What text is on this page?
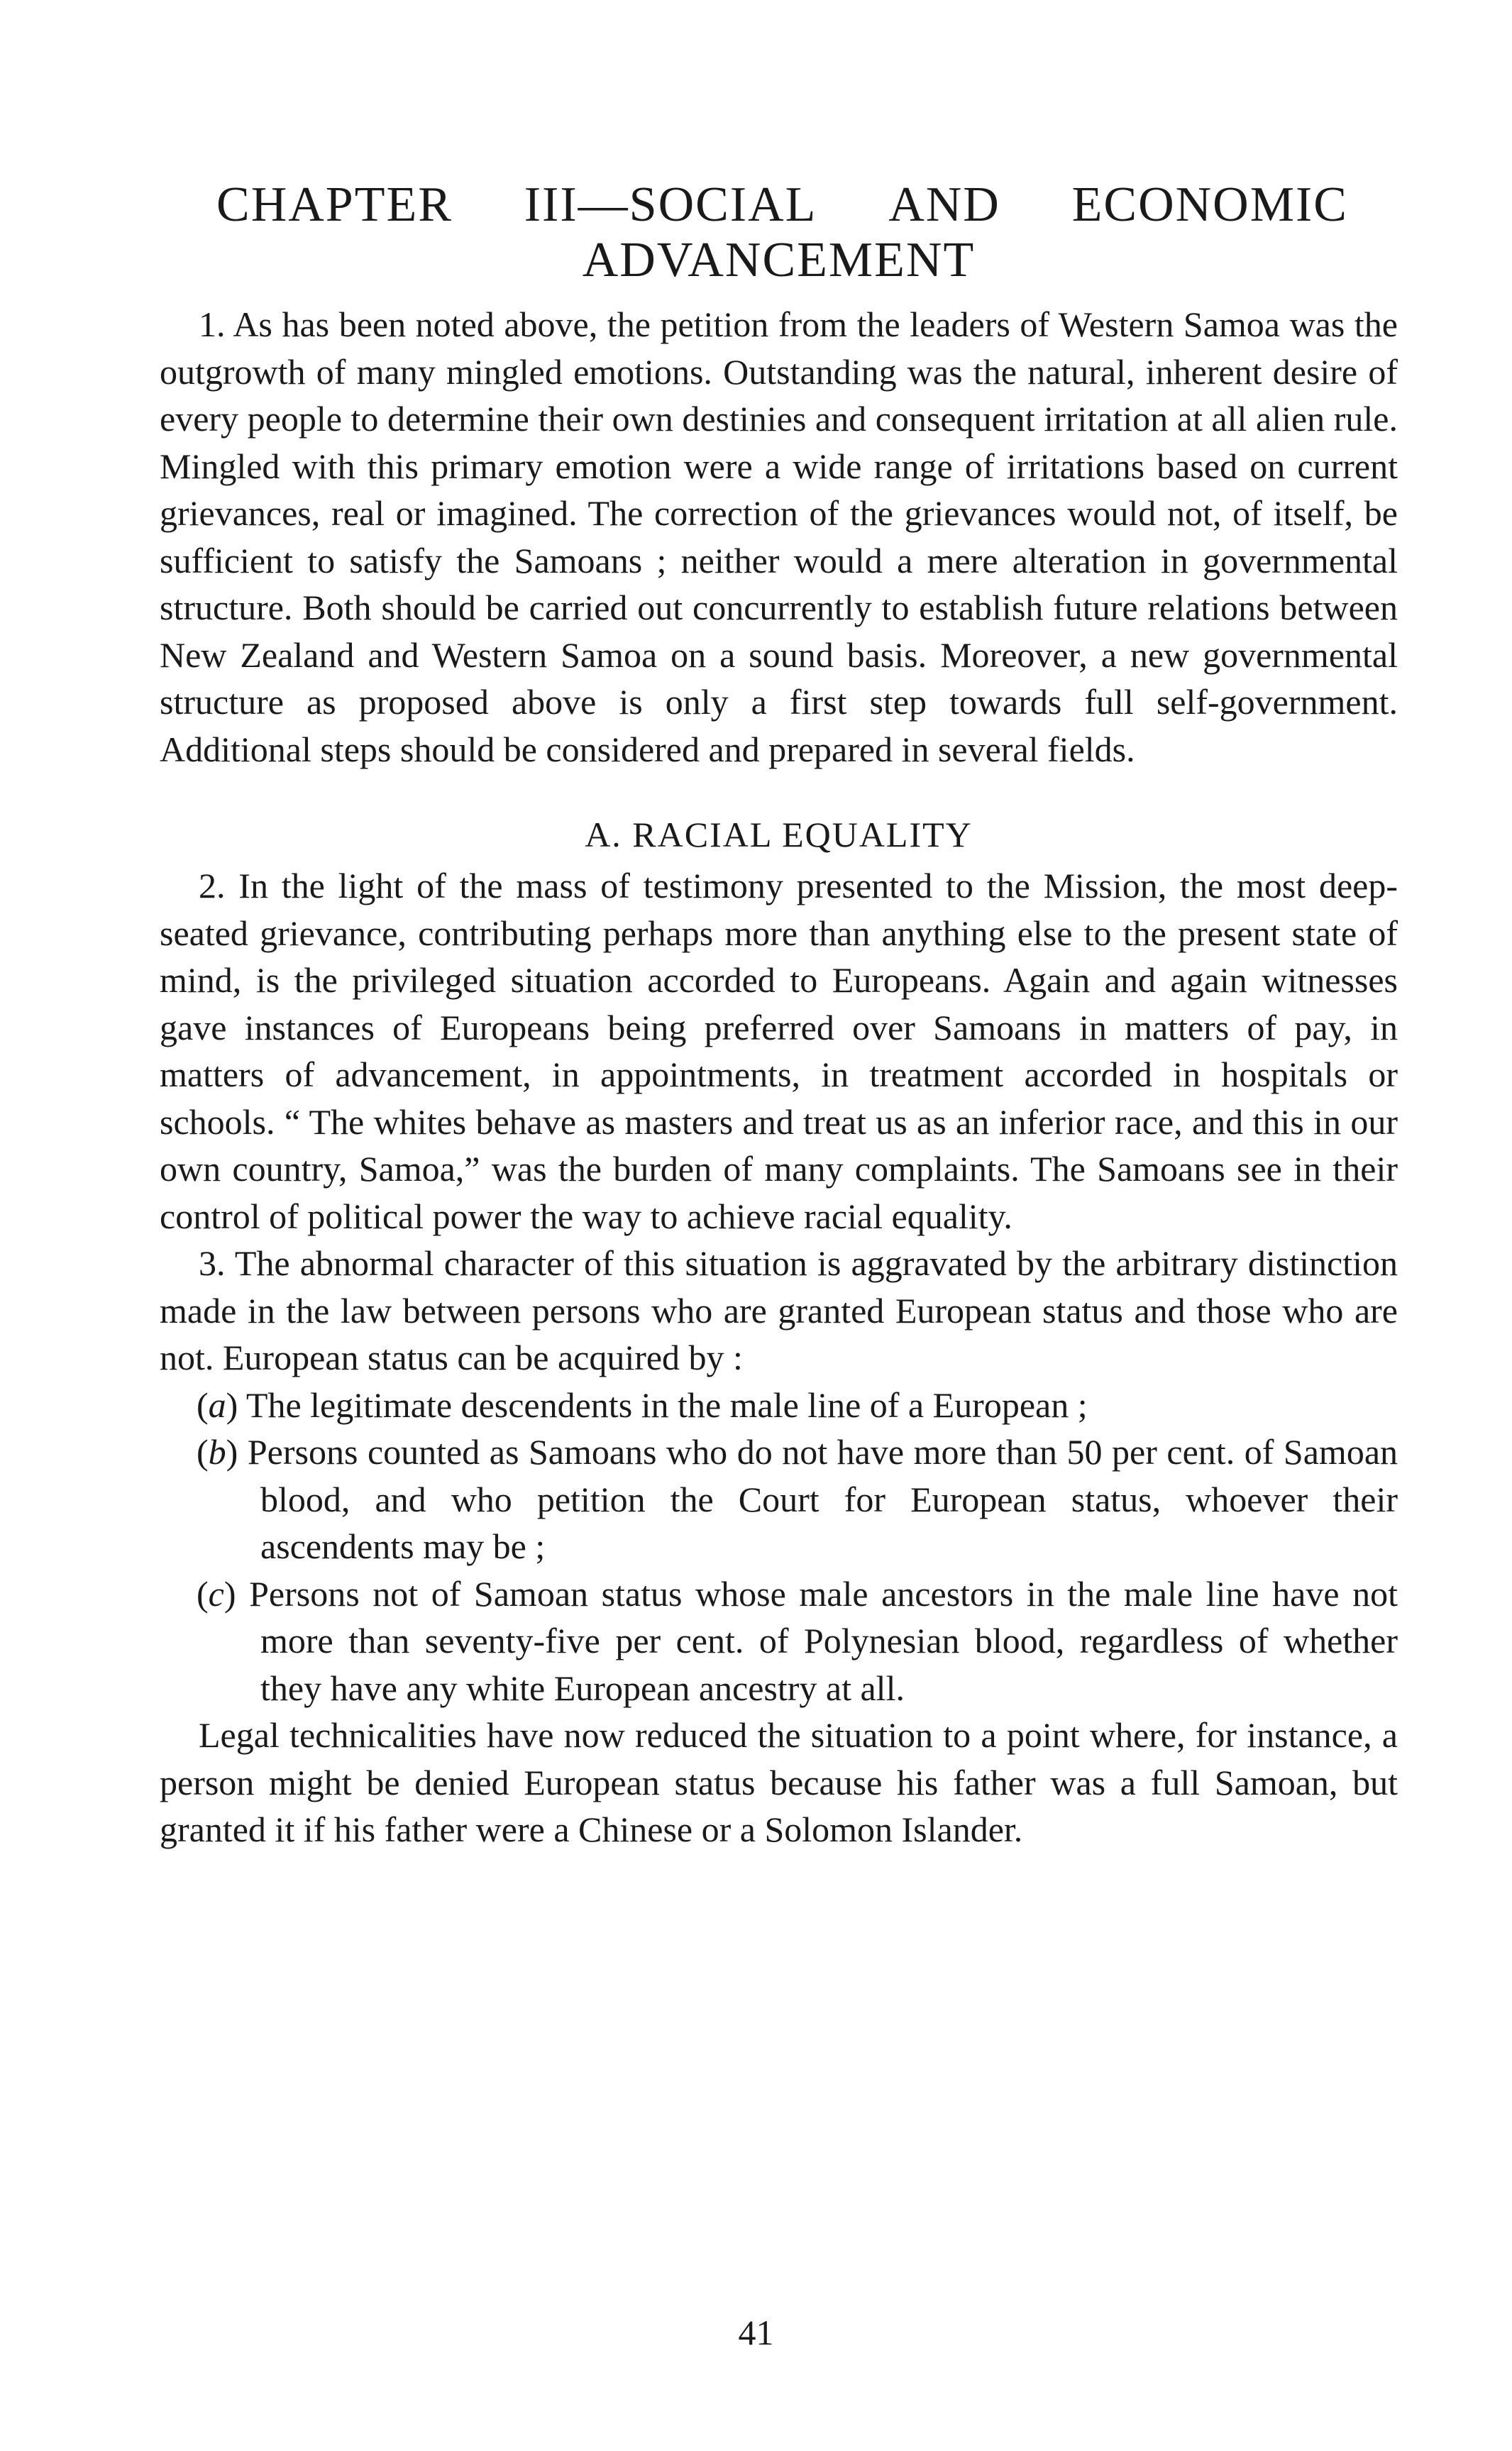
CHAPTER III—SOCIAL AND ECONOMIC
ADVANCEMENT

1. As has been noted above, the petition from the leaders of Western Samoa was the outgrowth of many mingled emotions. Outstanding was the natural, inherent desire of every people to determine their own destinies and consequent irritation at all alien rule. Mingled with this primary emotion were a wide range of irritations based on current grievances, real or imagined. The correction of the grievances would not, of itself, be sufficient to satisfy the Samoans ; neither would a mere alteration in governmental structure. Both should be carried out concurrently to establish future relations between New Zealand and Western Samoa on a sound basis. Moreover, a new governmental structure as proposed above is only a first step towards full self-government. Additional steps should be considered and prepared in several fields.

A. RACIAL EQUALITY

2. In the light of the mass of testimony presented to the Mission, the most deep-seated grievance, contributing perhaps more than anything else to the present state of mind, is the privileged situation accorded to Europeans. Again and again witnesses gave instances of Europeans being preferred over Samoans in matters of pay, in matters of advancement, in appointments, in treatment accorded in hospitals or schools. “ The whites behave as masters and treat us as an inferior race, and this in our own country, Samoa,” was the burden of many complaints. The Samoans see in their control of political power the way to achieve racial equality.

3. The abnormal character of this situation is aggravated by the arbitrary distinction made in the law between persons who are granted European status and those who are not. European status can be acquired by :

(a) The legitimate descendents in the male line of a European ;
(b) Persons counted as Samoans who do not have more than 50 per cent. of Samoan blood, and who petition the Court for European status, whoever their ascendents may be ;
(c) Persons not of Samoan status whose male ancestors in the male line have not more than seventy-five per cent. of Polynesian blood, regardless of whether they have any white European ancestry at all.

Legal technicalities have now reduced the situation to a point where, for instance, a person might be denied European status because his father was a full Samoan, but granted it if his father were a Chinese or a Solomon Islander.

41
